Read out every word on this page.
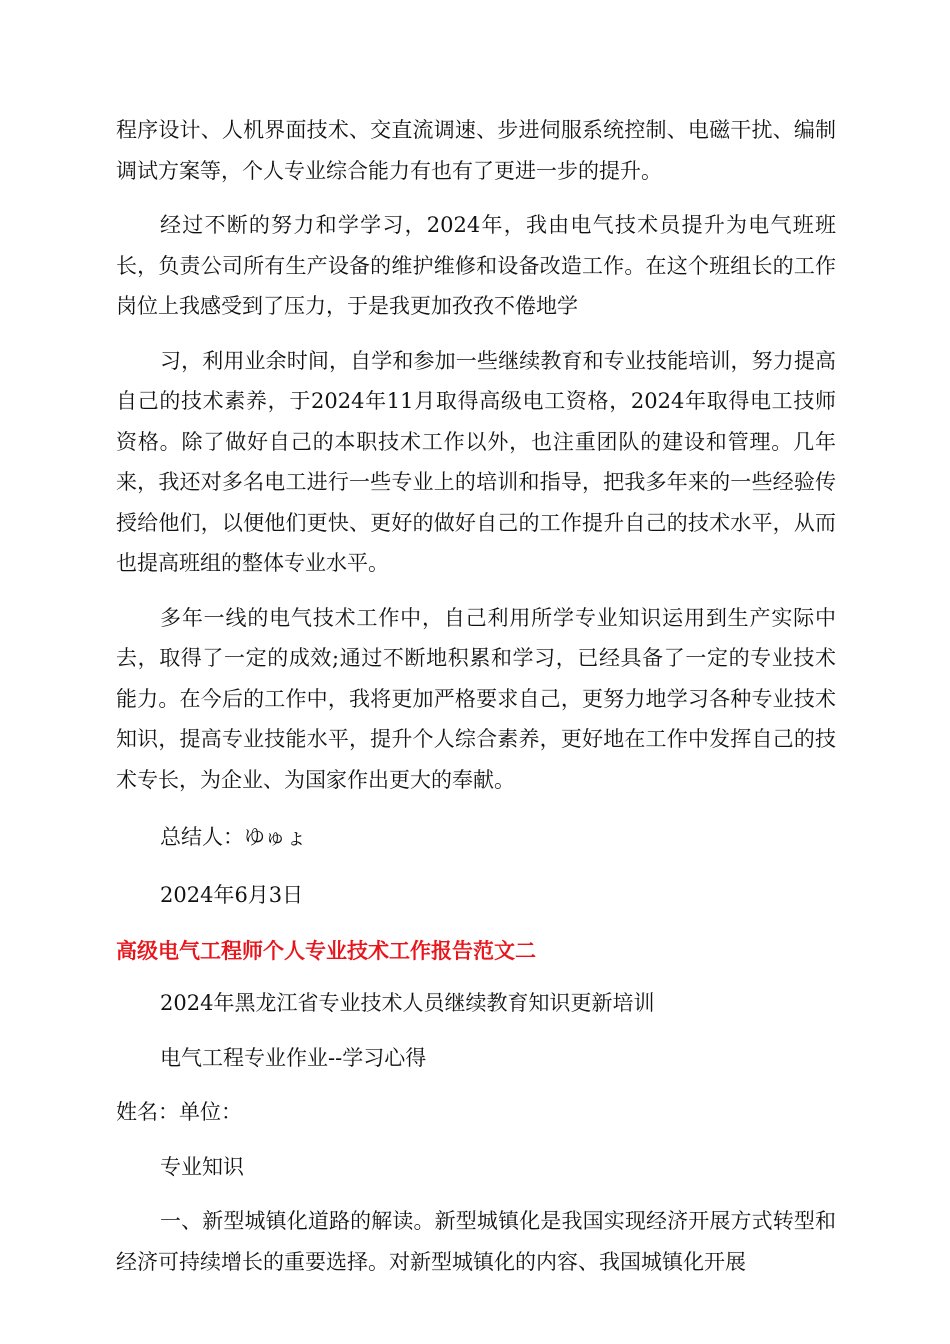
程序设计、人机界面技术、交直流调速、步进伺服系统控制、电磁干扰、编制调试方案等，个人专业综合能力有也有了更进一步的提升。

经过不断的努力和学学习，2024年，我由电气技术员提升为电气班班长，负责公司所有生产设备的维护维修和设备改造工作。在这个班组长的工作岗位上我感受到了压力，于是我更加孜孜不倦地学

习，利用业余时间，自学和参加一些继续教育和专业技能培训，努力提高自己的技术素养，于2024年11月取得高级电工资格，2024年取得电工技师资格。除了做好自己的本职技术工作以外，也注重团队的建设和管理。几年来，我还对多名电工进行一些专业上的培训和指导，把我多年来的一些经验传授给他们，以便他们更快、更好的做好自己的工作提升自己的技术水平，从而也提高班组的整体专业水平。

多年一线的电气技术工作中，自己利用所学专业知识运用到生产实际中去，取得了一定的成效;通过不断地积累和学习，已经具备了一定的专业技术能力。在今后的工作中，我将更加严格要求自己，更努力地学习各种专业技术知识，提高专业技能水平，提升个人综合素养，更好地在工作中发挥自己的技术专长，为企业、为国家作出更大的奉献。

总结人：ゆゅょ

2024年6月3日

高级电气工程师个人专业技术工作报告范文二

2024年黑龙江省专业技术人员继续教育知识更新培训

电气工程专业作业--学习心得

姓名：单位：

专业知识

一、新型城镇化道路的解读。新型城镇化是我国实现经济开展方式转型和经济可持续增长的重要选择。对新型城镇化的内容、我国城镇化开展
